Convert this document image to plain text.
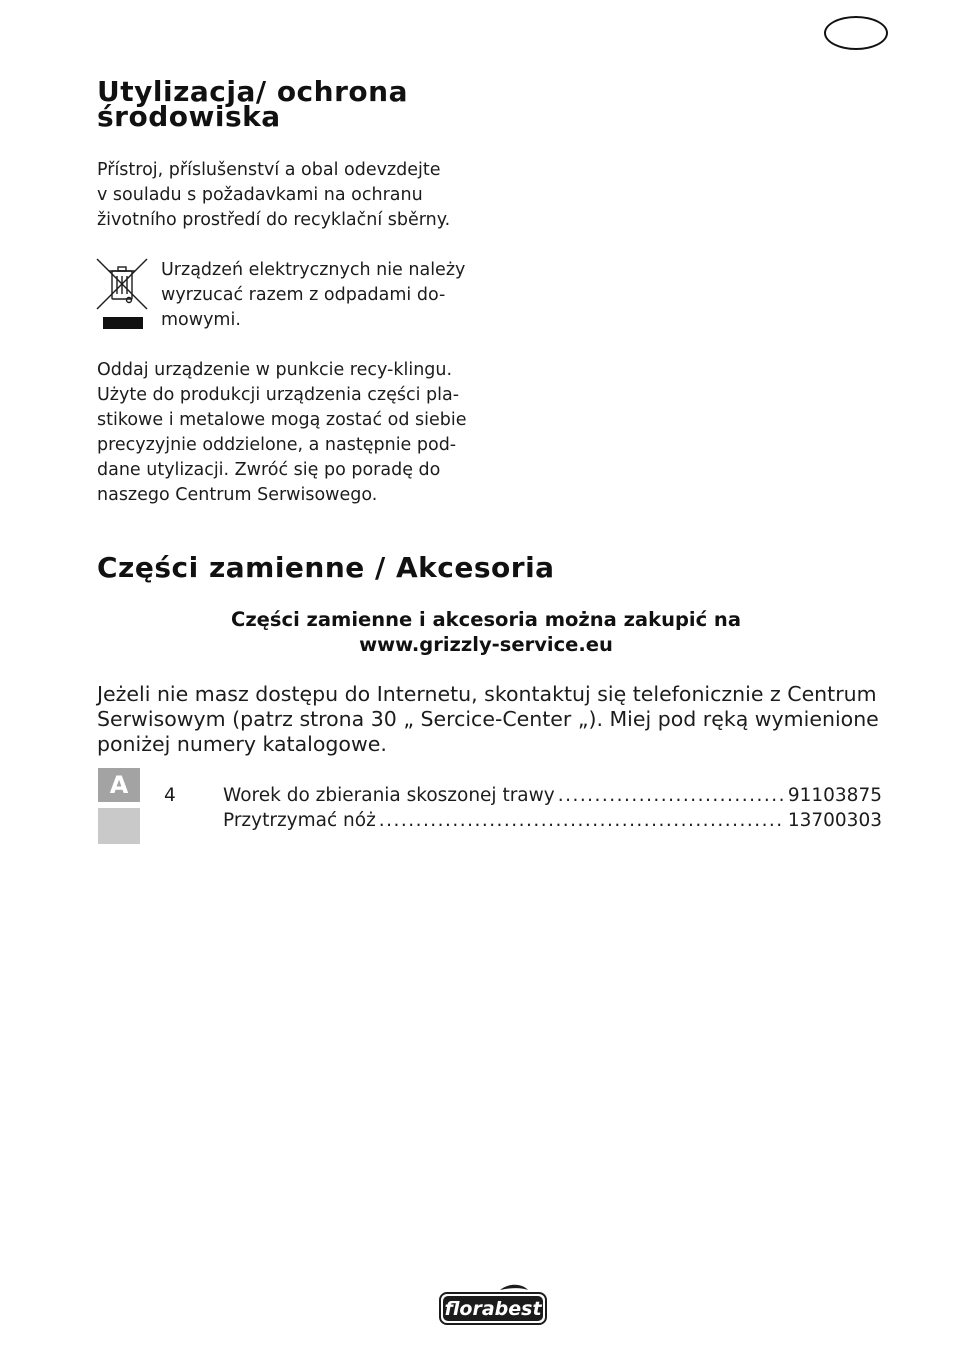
Utylizacja/ ochrona
środowiska
Přístroj, příslušenství a obal odevzdejte
v souladu s požadavkami na ochranu
životního prostředí do recyklační sběrny.
Urządzeń elektrycznych nie należy
wyrzucać razem z odpadami do-
mowymi.
Oddaj urządzenie w punkcie recy-klingu.
Użyte do produkcji urządzenia części pla-
stikowe i metalowe mogą zostać od siebie
precyzyjnie oddzielone, a następnie pod-
dane utylizacji. Zwróć się po poradę do
naszego Centrum Serwisowego.
Części zamienne / Akcesoria
Części zamienne i akcesoria można zakupić na
www.grizzly-service.eu
Jeżeli nie masz dostępu do Internetu, skontaktuj się telefonicznie z Centrum
Serwisowym (patrz strona 30 „ Sercice-Center „). Miej pod ręką wymienione
poniżej numery katalogowe.
A	4	Worek do zbierania skoszonej trawy . . .	91103875
Przytrzymać nóż . . .	13700303
florabest
